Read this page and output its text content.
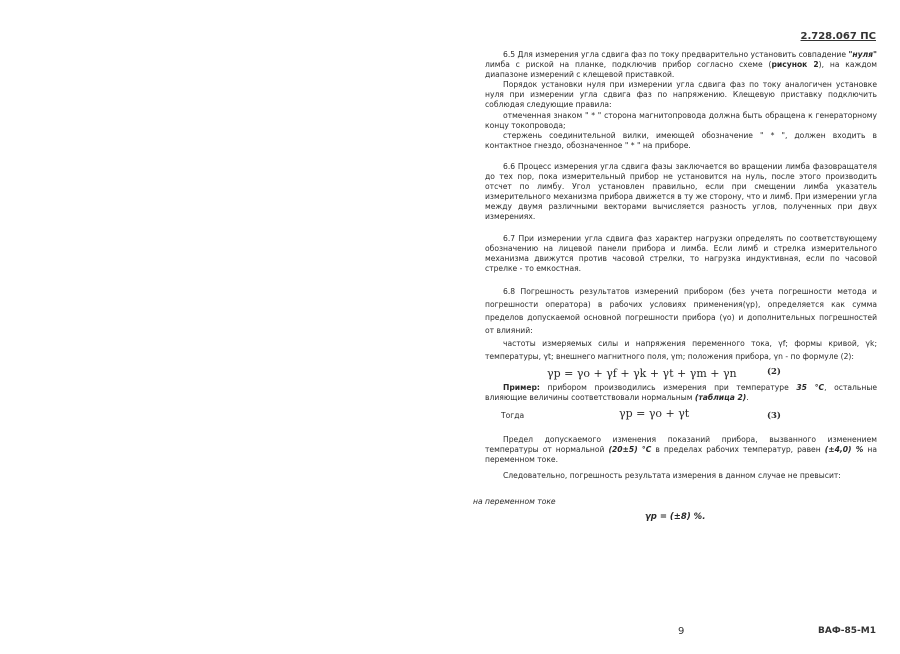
2.728.067 ПС

6.5 Для измерения угла сдвига фаз по току предварительно установить совпадение "нуля" лимба с риской на планке, подключив прибор согласно схеме (рисунок 2), на каждом диапазоне измерений с клещевой приставкой.

Порядок установки нуля при измерении угла сдвига фаз по току аналогичен установке нуля при измерении угла сдвига фаз по напряжению. Клещевую приставку подключить соблюдая следующие правила:

отмеченная знаком " * " сторона магнитопровода должна быть обращена к генераторному концу токопровода;

стержень соединительной вилки, имеющей обозначение " * ", должен входить в контактное гнездо, обозначенное " * " на приборе.

6.6 Процесс измерения угла сдвига фазы заключается во вращении лимба фазовращателя до тех пор, пока измерительный прибор не установится на нуль, после этого производить отсчет по лимбу. Угол установлен правильно, если при смещении лимба указатель измерительного механизма прибора движется в ту же сторону, что и лимб. При измерении угла между двумя различными векторами вычисляется разность углов, полученных при двух измерениях.

6.7 При измерении угла сдвига фаз характер нагрузки определять по соответствующему обозначению на лицевой панели прибора и лимба. Если лимб и стрелка измерительного механизма движутся против часовой стрелки, то нагрузка индуктивная, если по часовой стрелке - то емкостная.

6.8 Погрешность результатов измерений прибором (без учета погрешности метода и погрешности оператора) в рабочих условиях применения(γp), определяется как сумма пределов допускаемой основной погрешности прибора (γo) и дополнительных погрешностей от влияний:

частоты измеряемых силы и напряжения переменного тока, γf; формы кривой, γk; температуры, γt; внешнего магнитного поля, γm; положения прибора, γn - по формуле (2):

γp = γo + γf + γk + γt + γm + γn	(2)

Пример: прибором производились измерения при температуре 35 °C, остальные влияющие величины соответствовали нормальным (таблица 2).

Тогда	γp = γo + γt	(3)

Предел допускаемого изменения показаний прибора, вызванного изменением температуры от нормальной (20±5) °C в пределах рабочих температур, равен (±4,0) % на переменном токе.

Следовательно, погрешность результата измерения в данном случае не превысит:

на переменном токе

γp = (±8) %.

9	ВАФ-85-М1
